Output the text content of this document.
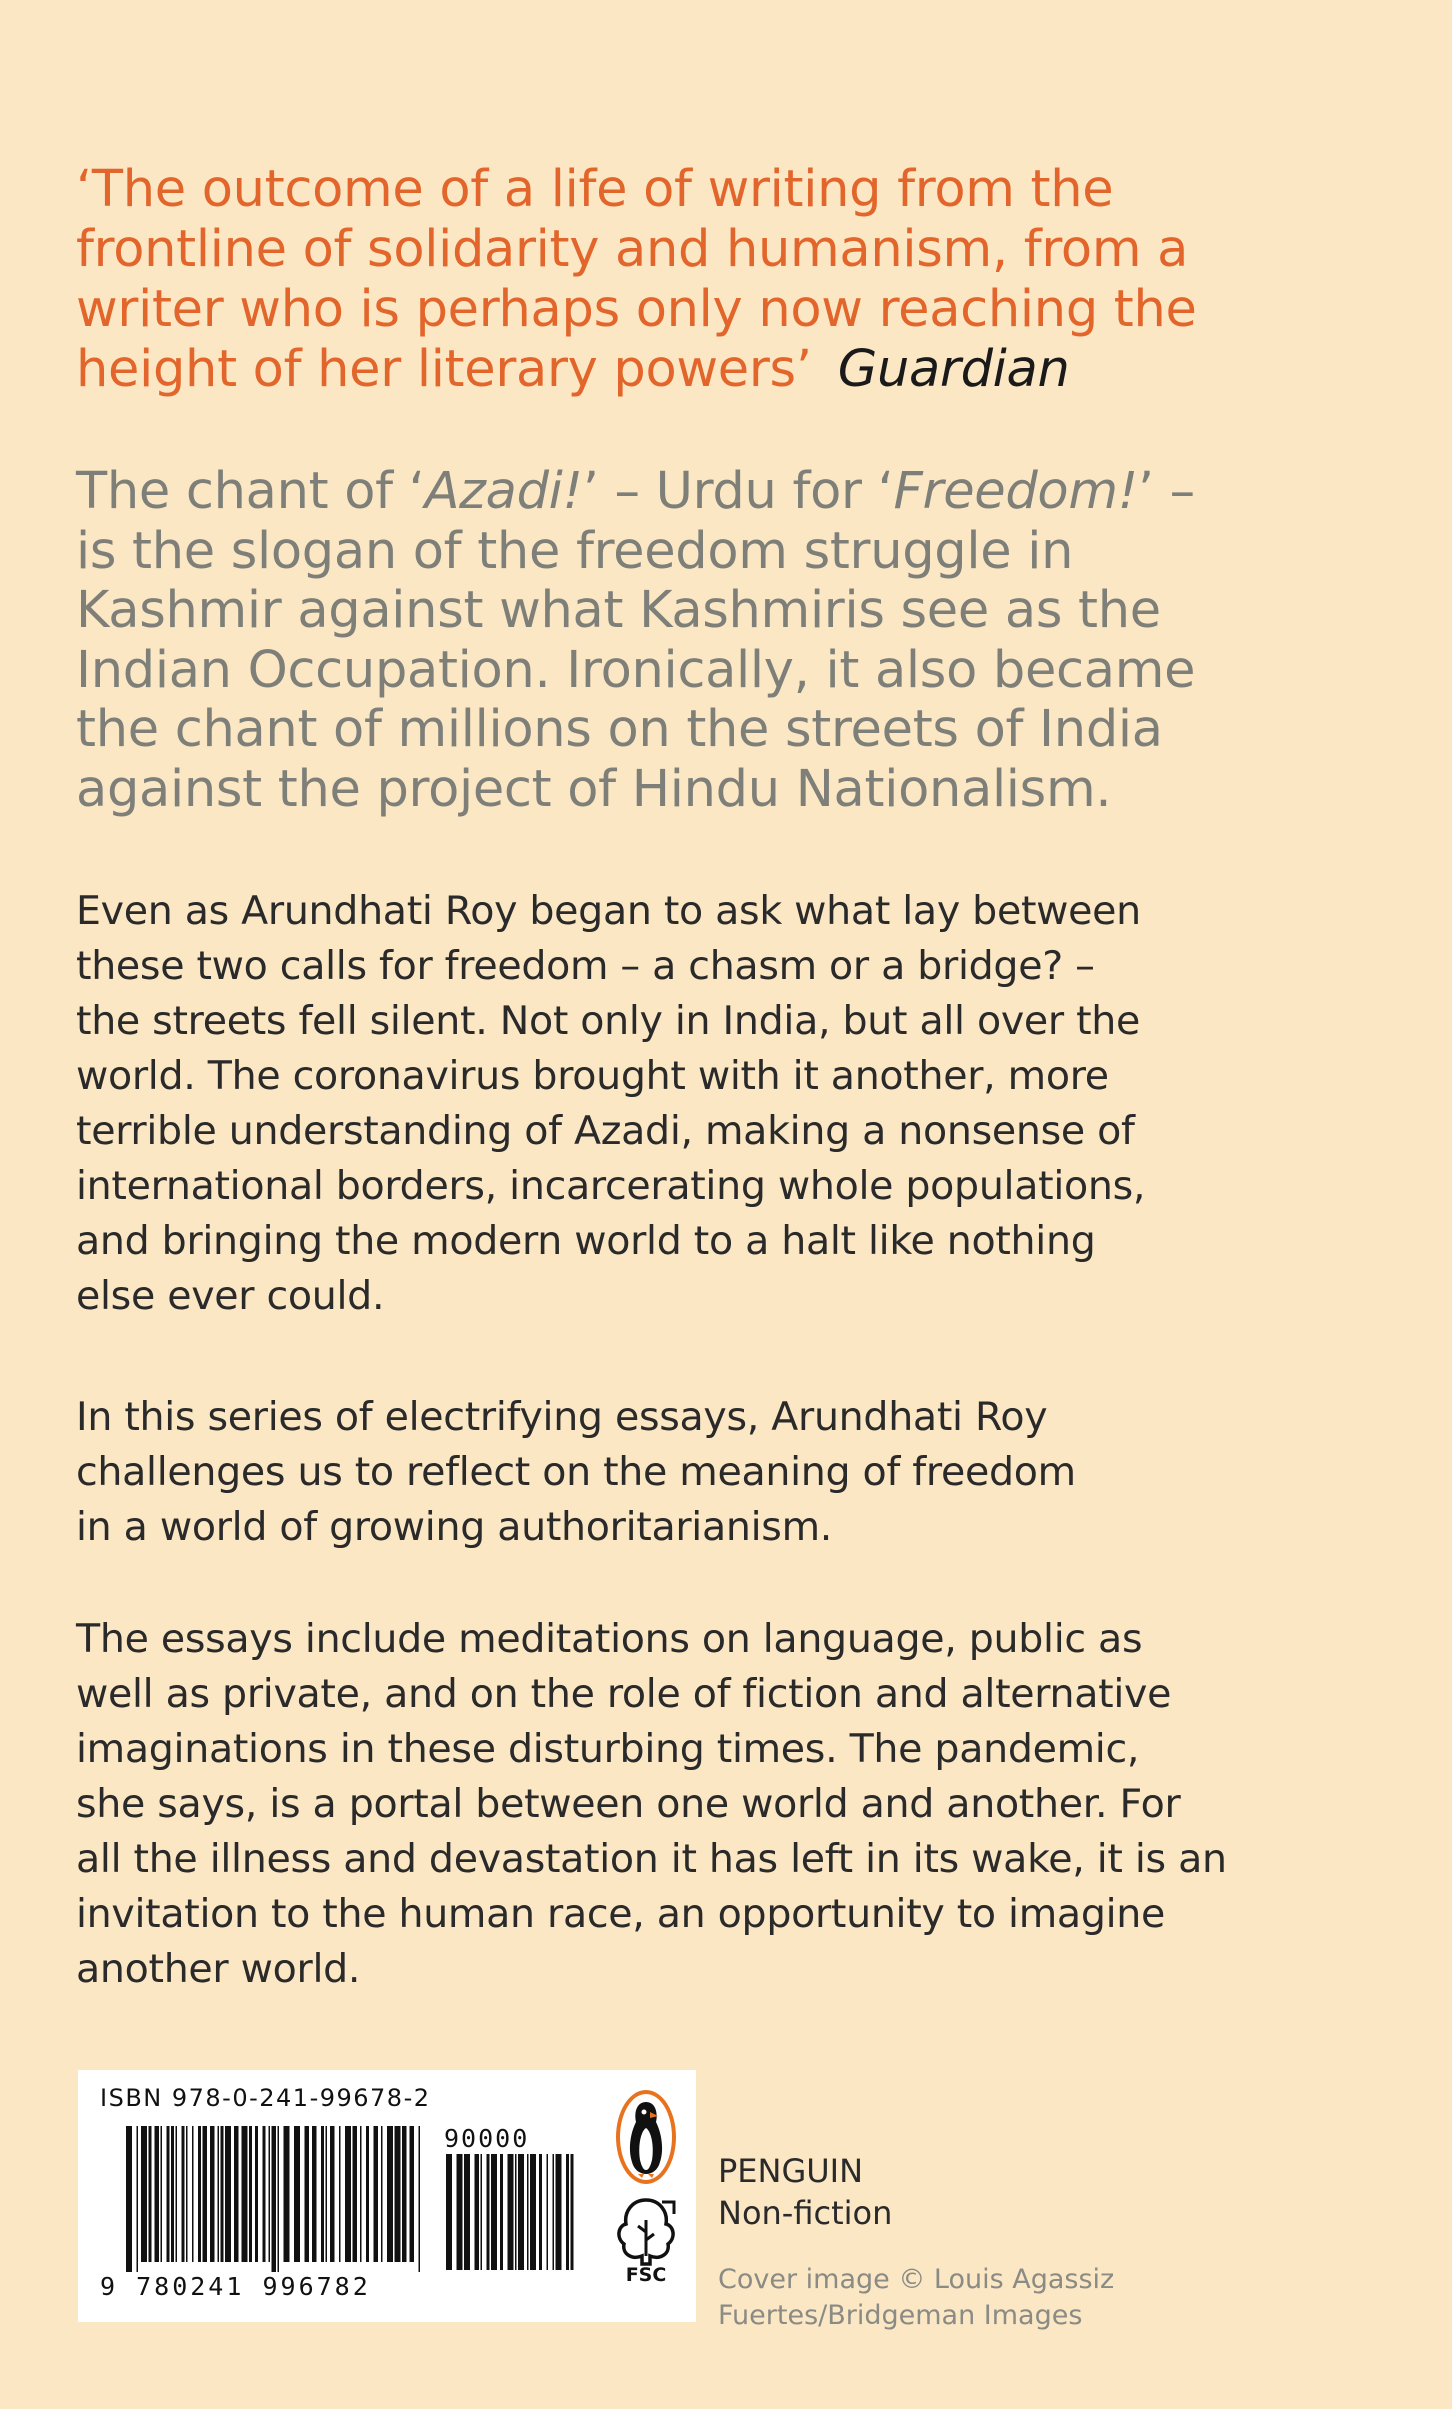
‘The outcome of a life of writing from the
frontline of solidarity and humanism, from a
writer who is perhaps only now reaching the
height of her literary powers’ Guardian
The chant of ‘Azadi!’ – Urdu for ‘Freedom!’ –
is the slogan of the freedom struggle in
Kashmir against what Kashmiris see as the
Indian Occupation. Ironically, it also became
the chant of millions on the streets of India
against the project of Hindu Nationalism.
Even as Arundhati Roy began to ask what lay between
these two calls for freedom – a chasm or a bridge? –
the streets fell silent. Not only in India, but all over the
world. The coronavirus brought with it another, more
terrible understanding of Azadi, making a nonsense of
international borders, incarcerating whole populations,
and bringing the modern world to a halt like nothing
else ever could.
In this series of electrifying essays, Arundhati Roy
challenges us to reflect on the meaning of freedom
in a world of growing authoritarianism.
The essays include meditations on language, public as
well as private, and on the role of fiction and alternative
imaginations in these disturbing times. The pandemic,
she says, is a portal between one world and another. For
all the illness and devastation it has left in its wake, it is an
invitation to the human race, an opportunity to imagine
another world.
ISBN 978-0-241-99678-2
90000
9 780241 996782	FSC
PENGUIN
Non-fiction
Cover image © Louis Agassiz
Fuertes/Bridgeman Images
